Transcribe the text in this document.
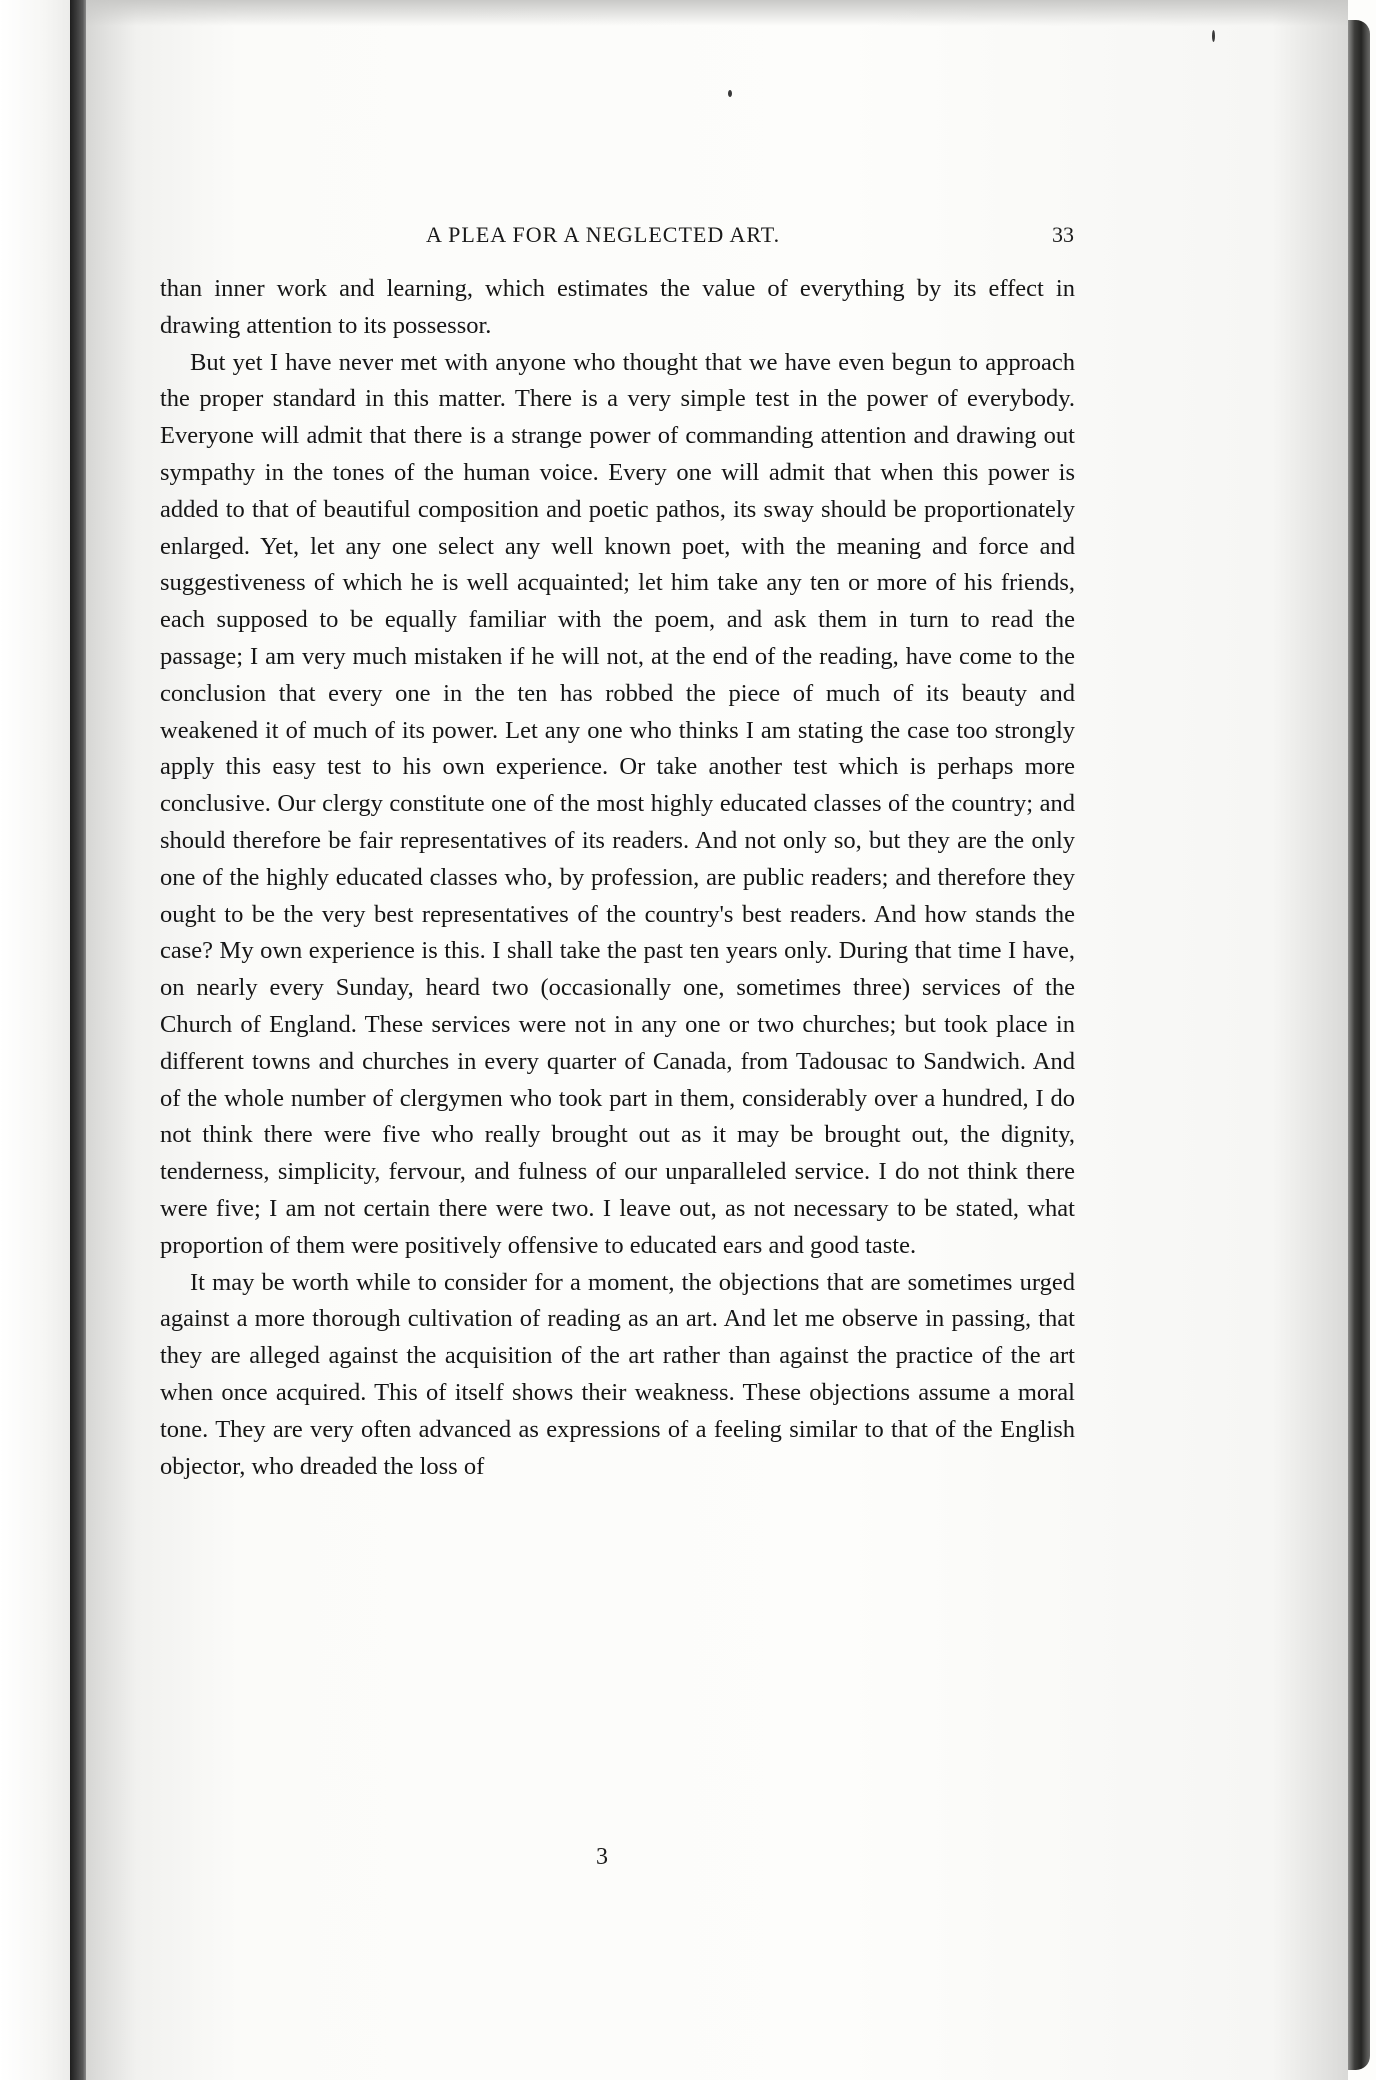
A PLEA FOR A NEGLECTED ART.	33

than inner work and learning, which estimates the value of everything by its effect in drawing attention to its possessor.

But yet I have never met with anyone who thought that we have even begun to approach the proper standard in this matter. There is a very simple test in the power of everybody. Everyone will admit that there is a strange power of commanding attention and drawing out sympathy in the tones of the human voice. Every one will admit that when this power is added to that of beautiful composition and poetic pathos, its sway should be proportionately enlarged. Yet, let any one select any well known poet, with the meaning and force and suggestiveness of which he is well acquainted; let him take any ten or more of his friends, each supposed to be equally familiar with the poem, and ask them in turn to read the passage; I am very much mistaken if he will not, at the end of the reading, have come to the conclusion that every one in the ten has robbed the piece of much of its beauty and weakened it of much of its power. Let any one who thinks I am stating the case too strongly apply this easy test to his own experience. Or take another test which is perhaps more conclusive. Our clergy constitute one of the most highly educated classes of the country; and should therefore be fair representatives of its readers. And not only so, but they are the only one of the highly educated classes who, by profession, are public readers; and therefore they ought to be the very best representatives of the country's best readers. And how stands the case? My own experience is this. I shall take the past ten years only. During that time I have, on nearly every Sunday, heard two (occasionally one, sometimes three) services of the Church of England. These services were not in any one or two churches; but took place in different towns and churches in every quarter of Canada, from Tadousac to Sandwich. And of the whole number of clergymen who took part in them, considerably over a hundred, I do not think there were five who really brought out as it may be brought out, the dignity, tenderness, simplicity, fervour, and fulness of our unparalleled service. I do not think there were five; I am not certain there were two. I leave out, as not necessary to be stated, what proportion of them were positively offensive to educated ears and good taste.

It may be worth while to consider for a moment, the objections that are sometimes urged against a more thorough cultivation of reading as an art. And let me observe in passing, that they are alleged against the acquisition of the art rather than against the practice of the art when once acquired. This of itself shows their weakness. These objections assume a moral tone. They are very often advanced as expressions of a feeling similar to that of the English objector, who dreaded the loss of

3
